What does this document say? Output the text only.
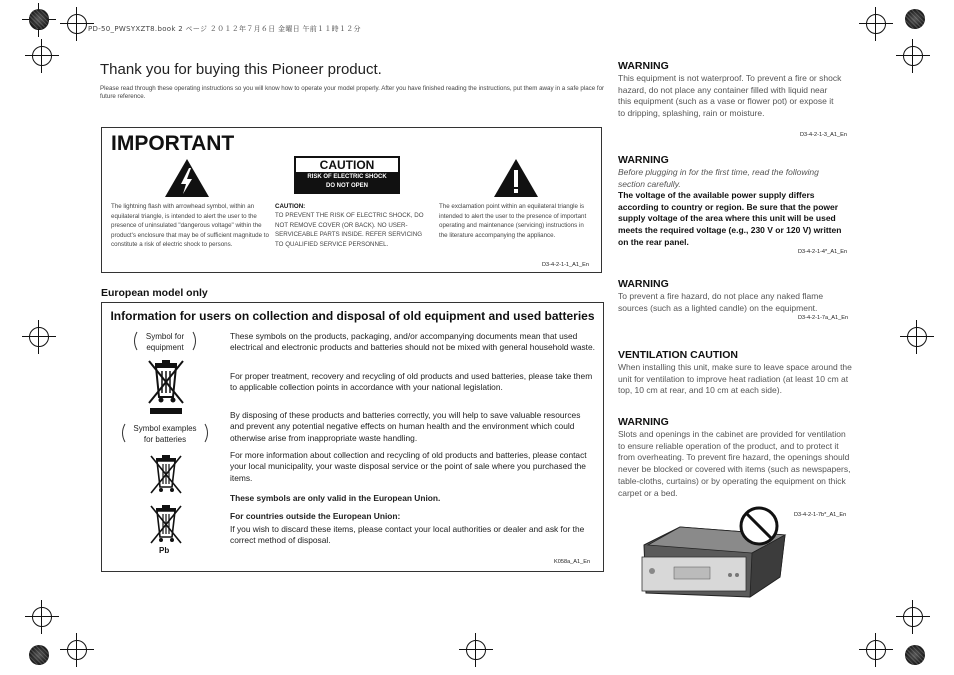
PD-50_PWSYXZT8.book 2 ページ ２０１２年７月６日 金曜日 午前１１時１２分
Thank you for buying this Pioneer product.
Please read through these operating instructions so you will know how to operate your model properly. After you have finished reading the instructions, put them away in a safe place for future reference.
IMPORTANT
CAUTION
RISK OF ELECTRIC SHOCK
DO NOT OPEN
The lightning flash with arrowhead symbol, within an equilateral triangle, is intended to alert the user to the presence of uninsulated "dangerous voltage" within the product's enclosure that may be of sufficient magnitude to constitute a risk of electric shock to persons.
CAUTION:
TO PREVENT THE RISK OF ELECTRIC SHOCK, DO NOT REMOVE COVER (OR BACK). NO USER-SERVICEABLE PARTS INSIDE. REFER SERVICING TO QUALIFIED SERVICE PERSONNEL.
The exclamation point within an equilateral triangle is intended to alert the user to the presence of important operating and maintenance (servicing) instructions in the literature accompanying the appliance.
D3-4-2-1-1_A1_En
European model only
Information for users on collection and disposal of old equipment and used batteries
Symbol for
equipment
Symbol examples
for batteries
Pb
These symbols on the products, packaging, and/or accompanying documents mean that used electrical and electronic products and batteries should not be mixed with general household waste.
For proper treatment, recovery and recycling of old products and used batteries, please take them to applicable collection points in accordance with your national legislation.
By disposing of these products and batteries correctly, you will help to save valuable resources and prevent any potential negative effects on human health and the environment which could otherwise arise from inappropriate waste handling.
For more information about collection and recycling of old products and batteries, please contact your local municipality, your waste disposal service or the point of sale where you purchased the items.
These symbols are only valid in the European Union.
For countries outside the European Union:
If you wish to discard these items, please contact your local authorities or dealer and ask for the correct method of disposal.
K058a_A1_En
WARNING
This equipment is not waterproof. To prevent a fire or shock hazard, do not place any container filled with liquid near this equipment (such as a vase or flower pot) or expose it to dripping, splashing, rain or moisture.
D3-4-2-1-3_A1_En
WARNING
Before plugging in for the first time, read the following section carefully.
The voltage of the available power supply differs according to country or region. Be sure that the power supply voltage of the area where this unit will be used meets the required voltage (e.g., 230 V or 120 V) written on the rear panel.
D3-4-2-1-4*_A1_En
WARNING
To prevent a fire hazard, do not place any naked flame sources (such as a lighted candle) on the equipment.
D3-4-2-1-7a_A1_En
VENTILATION CAUTION
When installing this unit, make sure to leave space around the unit for ventilation to improve heat radiation (at least 10 cm at top, 10 cm at rear, and 10 cm at each side).
WARNING
Slots and openings in the cabinet are provided for ventilation to ensure reliable operation of the product, and to protect it from overheating. To prevent fire hazard, the openings should never be blocked or covered with items (such as newspapers, table-cloths, curtains) or by operating the equipment on thick carpet or a bed.
D3-4-2-1-7b*_A1_En
